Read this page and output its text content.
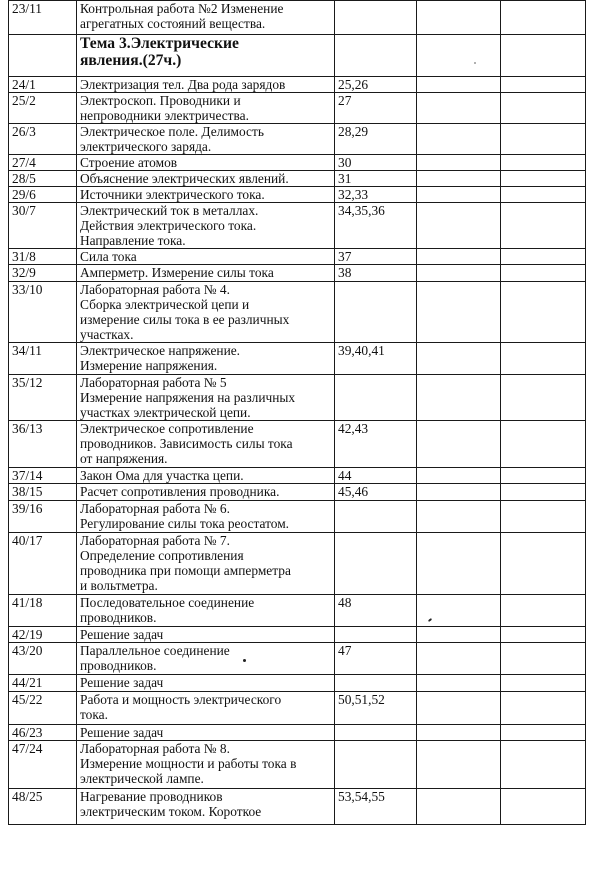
23/11	Контрольная работа №2 Изменение
агрегатных состояний вещества.			

	Тема 3.Электрические
явления.(27ч.)			

24/1	Электризация тел. Два рода зарядов	25,26		
25/2	Электроскоп. Проводники и
непроводники электричества.	27		
26/3	Электрическое поле. Делимость
электрического заряда.	28,29		
27/4	Строение атомов	30		
28/5	Объяснение электрических явлений.	31		
29/6	Источники электрического тока.	32,33		
30/7	Электрический ток в металлах.
Действия электрического тока.
Направление тока.	34,35,36		
31/8	Сила тока	37		
32/9	Амперметр. Измерение силы тока	38		
33/10	Лабораторная работа № 4.
Сборка электрической цепи и
измерение силы тока в ее различных
участках.			

34/11	Электрическое напряжение.
Измерение напряжения.	39,40,41		
35/12	Лабораторная работа № 5
Измерение напряжения на различных
участках электрической цепи.			

36/13	Электрическое сопротивление
проводников. Зависимость силы тока
от напряжения.	42,43		
37/14	Закон Ома для участка цепи.	44		
38/15	Расчет сопротивления проводника.	45,46		
39/16	Лабораторная работа № 6.
Регулирование силы тока реостатом.			

40/17	Лабораторная работа № 7.
Определение сопротивления
проводника при помощи амперметра
и вольтметра.			

41/18	Последовательное соединение
проводников.	48		
42/19	Решение задач			

43/20	Параллельное соединение
проводников.	47		
44/21	Решение задач			

45/22	Работа и мощность электрического
тока.	50,51,52		
46/23	Решение задач			

47/24	Лабораторная работа № 8.
Измерение мощности и работы тока в
электрической лампе.			

48/25	Нагревание проводников
электрическим током. Короткое	53,54,55		
